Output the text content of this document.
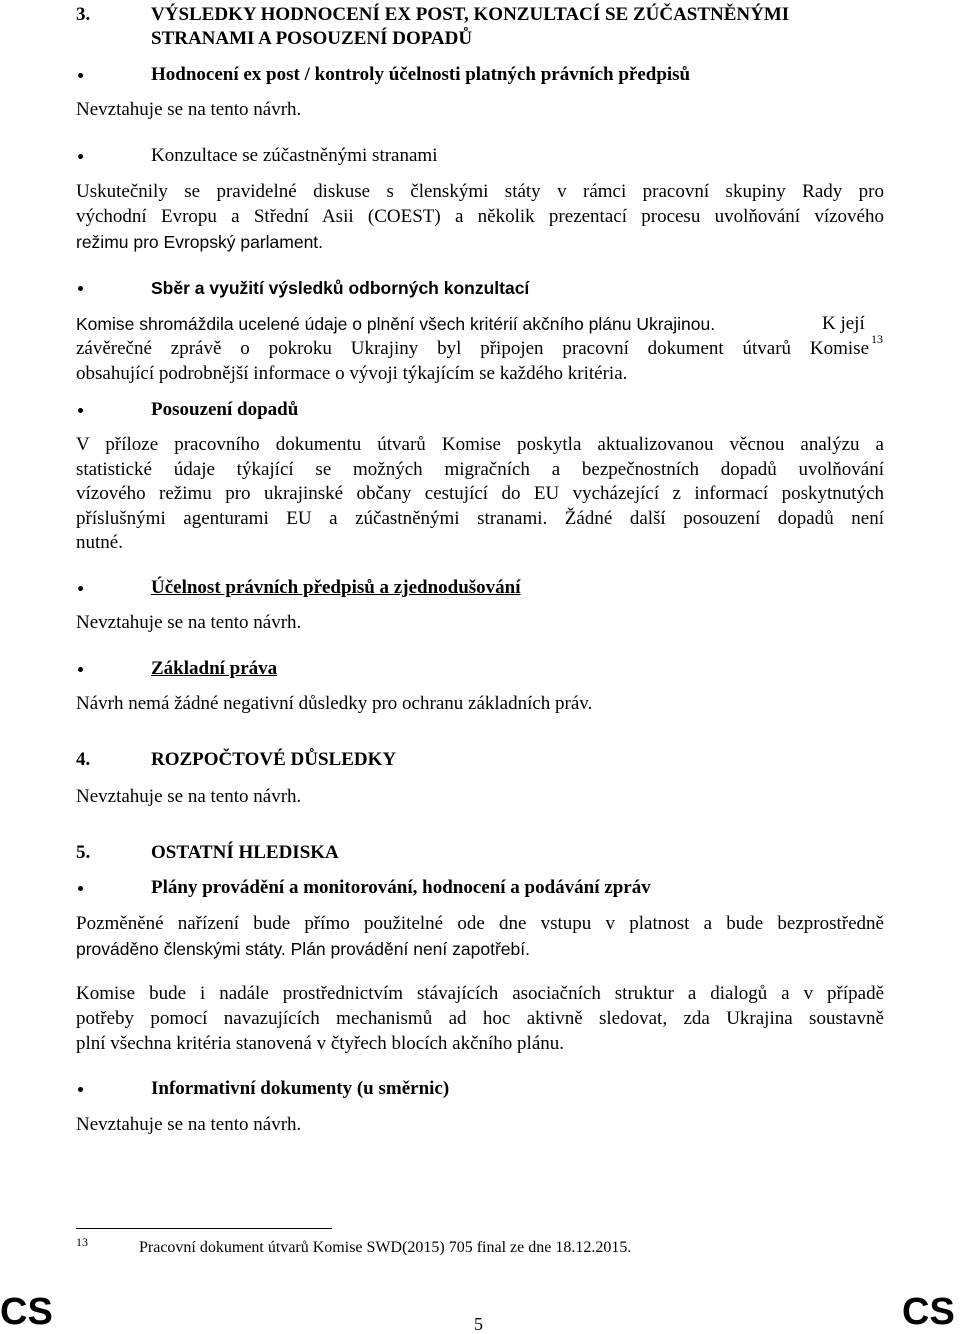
3.	VÝSLEDKY HODNOCENÍ EX POST, KONZULTACÍ SE ZÚČASTNĚNÝMI
STRANAMI A POSOUZENÍ DOPADŮ
Hodnocení ex post / kontroly účelnosti platných právních předpisů
Nevztahuje se na tento návrh.
Konzultace se zúčastněnými stranami
Uskutečnily se pravidelné diskuse s členskými státy v rámci pracovní skupiny Rady pro
východní Evropu a Střední Asii (COEST) a několik prezentací procesu uvolňování vízového
režimu pro Evropský parlament.
Sběr a využití výsledků odborných konzultací
Komise shromáždila ucelené údaje o plnění všech kritérií akčního plánu Ukrajinou.	K její
závěrečné zprávě o pokroku Ukrajiny byl připojen pracovní dokument útvarů Komise 13
obsahující podrobnější informace o vývoji týkajícím se každého kritéria.
Posouzení dopadů
V příloze pracovního dokumentu útvarů Komise poskytla aktualizovanou věcnou analýzu a
statistické údaje týkající se možných migračních a bezpečnostních dopadů uvolňování
vízového režimu pro ukrajinské občany cestující do EU vycházející z informací poskytnutých
příslušnými agenturami EU a zúčastněnými stranami. Žádné další posouzení dopadů není
nutné.
Účelnost právních předpisů a zjednodušování
Nevztahuje se na tento návrh.
Základní práva
Návrh nemá žádné negativní důsledky pro ochranu základních práv.
4.	ROZPOČTOVÉ DŮSLEDKY
Nevztahuje se na tento návrh.
5.	OSTATNÍ HLEDISKA
Plány provádění a monitorování, hodnocení a podávání zpráv
Pozměněné nařízení bude přímo použitelné ode dne vstupu v platnost a bude bezprostředně
prováděno členskými státy. Plán provádění není zapotřebí.
Komise bude i nadále prostřednictvím stávajících asociačních struktur a dialogů a v případě
potřeby pomocí navazujících mechanismů ad hoc aktivně sledovat, zda Ukrajina soustavně
plní všechna kritéria stanovená v čtyřech blocích akčního plánu.
Informativní dokumenty (u směrnic)
Nevztahuje se na tento návrh.
13	Pracovní dokument útvarů Komise SWD(2015) 705 final ze dne 18.12.2015.
CS	5	CS
